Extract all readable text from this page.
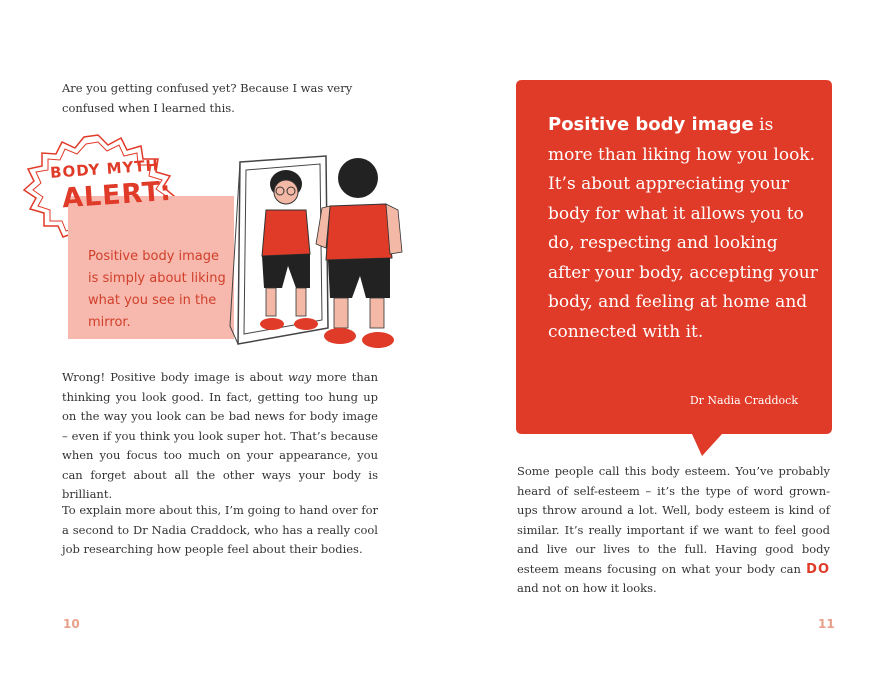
Are you getting confused yet? Because I was very confused when I learned this.

BODY MYTH
ALERT:
Positive body image is simply about liking what you see in the mirror.

Wrong! Positive body image is about way more than thinking you look good. In fact, getting too hung up on the way you look can be bad news for body image – even if you think you look super hot. That’s because when you focus too much on your appearance, you can forget about all the other ways your body is brilliant.

To explain more about this, I’m going to hand over for a second to Dr Nadia Craddock, who has a really cool job researching how people feel about their bodies.

10
Positive body image is more than liking how you look. It’s about appreciating your body for what it allows you to do, respecting and looking after your body, accepting your body, and feeling at home and connected with it.
Dr Nadia Craddock

Some people call this body esteem. You’ve probably heard of self-esteem – it’s the type of word grown-ups throw around a lot. Well, body esteem is kind of similar. It’s really important if we want to feel good and live our lives to the full. Having good body esteem means focusing on what your body can DO and not on how it looks.

11
